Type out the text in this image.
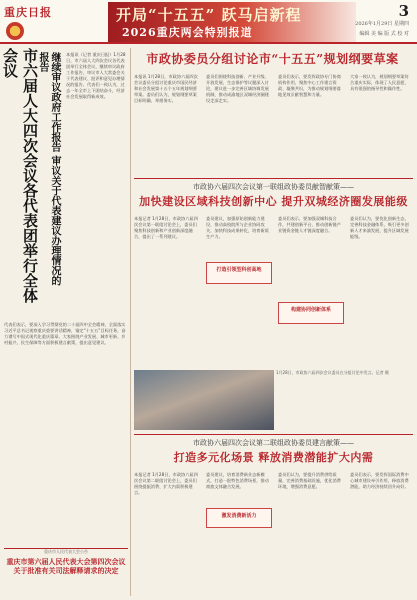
重庆日报	开局“十五五” 跃马启新程
2026重庆两会特别报道
3
2026年1月29日 星期四
编辑 美 编 版 式 校 对
市六届人大四次会议各代表团举行全体会议	继续审议政府工作报告 审议关于代表建议办理情况的报告	本报讯（记者 重庆日报）1月28日，市六届人大四次会议各代表团举行全体会议，继续审议政府工作报告，审议市人大常委会关于代表建议、批评和意见办理情况的报告。代表们一致认为，过去一年全市上下团结奋斗，经济社会发展取得新成效。
代表们表示，要深入学习贯彻党的二十届四中全会精神，全面落实习近平总书记视察重庆重要讲话精神，锚定“十五五”目标任务，奋力谱写中国式现代化重庆篇章。大家围绕产业发展、城市更新、乡村振兴、民生保障等方面积极建言献策，提出意见建议。
重庆市人民代表大会公告
重庆市第六届人民代表大会第四次会议关于批准有关司法解释请求的决定
市政协委员分组讨论市“十五五”规划纲要草案
本报讯 1月28日，市政协六届四次会议委员分组讨论重庆市国民经济和社会发展第十五个五年规划纲要草案。委员们认为，规划纲要草案目标明确、举措务实。
委员们围绕科技创新、产业升级、开放发展、生态保护等议题深入讨论，建议进一步完善区域协调发展机制，推动成渝地区双城经济圈建设走深走实。
委员们表示，要发挥政协专门协商机构作用，聚焦中心工作建言资政、凝聚共识，为推动规划纲要落地见效贡献智慧和力量。
大家一致认为，规划纲要草案符合重庆实际，体现了人民意愿，具有很强的指导性和操作性。
市政协六届四次会议第一联组政协委员献智献策——
加快建设区域科技创新中心 提升双城经济圈发展能级
本报记者 1月28日，市政协六届四次会议第一联组讨论会上，委员们聚焦科技创新和产业创新深度融合，提出了一系列建议。
委员建议，加强原始创新能力建设，推动高校院所与企业协同攻关，加快科技成果转化，培育新质生产力。
委员们表示，要加强双城科技合作，共建创新平台，推动创新链产业链资金链人才链深度融合。
委员们认为，要优化创新生态，完善科技金融体系，吸引更多创新人才来渝发展，提升区域发展能级。
打造引领型科创高地
构建协同创新体系
1月28日，市政协六届四次会议委员在分组讨论中发言。记者 摄
市政协六届四次会议第二联组政协委员建言献策——
打造多元化场景 释放消费潜能扩大内需
本报记者 1月28日，市政协六届四次会议第二联组讨论会上，委员们围绕提振消费、扩大内需积极建言。
委员建议，培育消费新业态新模式，打造一批特色消费场景，推动商旅文体融合发展。
委员们认为，要提升消费供给质量，完善消费基础设施，优化消费环境，增强消费意愿。
委员们表示，要发挥国际消费中心城市建设牵引作用，释放消费潜能，助力经济持续回升向好。
激发消费新活力
